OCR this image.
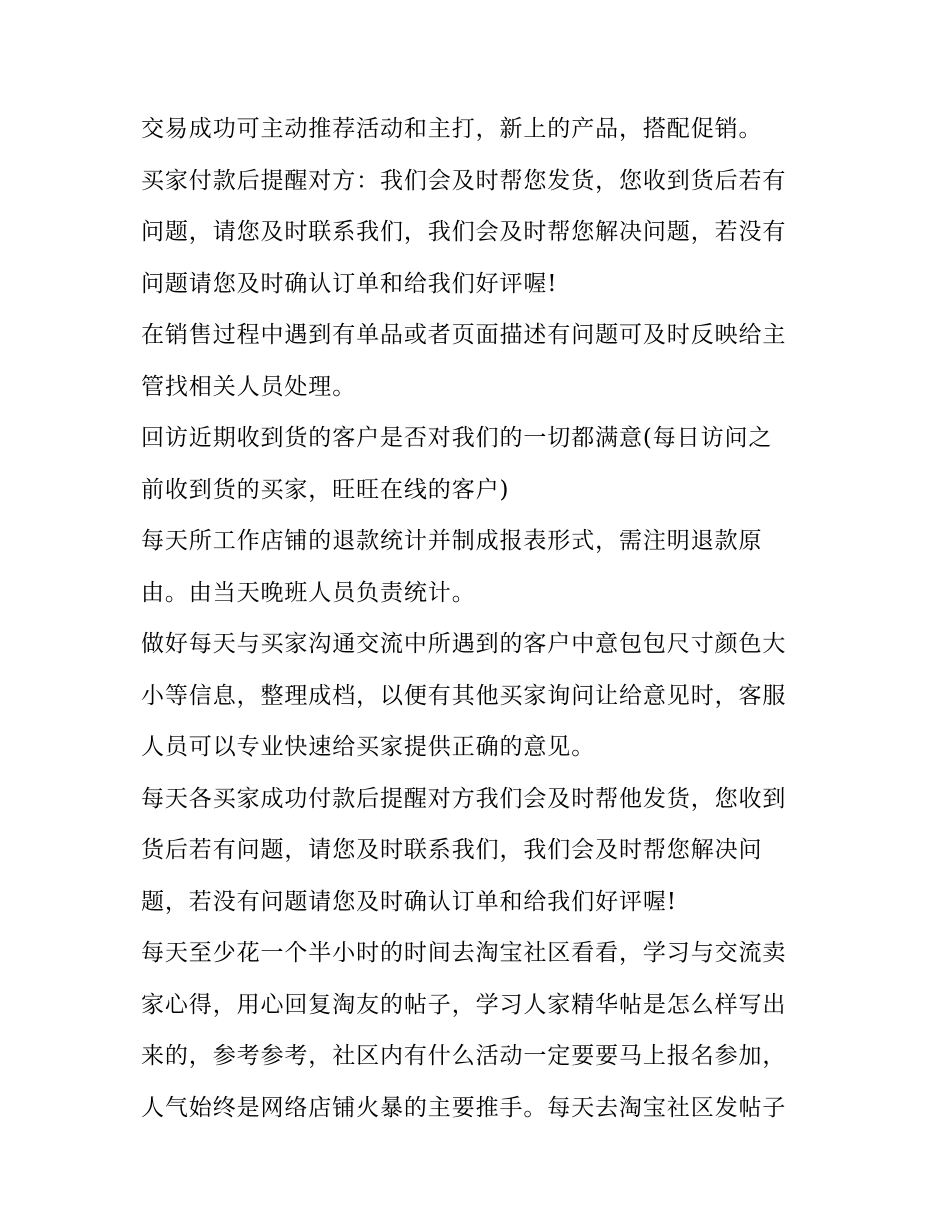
交易成功可主动推荐活动和主打，新上的产品，搭配促销。

买家付款后提醒对方：我们会及时帮您发货，您收到货后若有
问题，请您及时联系我们，我们会及时帮您解决问题，若没有
问题请您及时确认订单和给我们好评喔!

在销售过程中遇到有单品或者页面描述有问题可及时反映给主
管找相关人员处理。

回访近期收到货的客户是否对我们的一切都满意(每日访问之
前收到货的买家，旺旺在线的客户)

每天所工作店铺的退款统计并制成报表形式，需注明退款原
由。由当天晚班人员负责统计。

做好每天与买家沟通交流中所遇到的客户中意包包尺寸颜色大
小等信息，整理成档，以便有其他买家询问让给意见时，客服
人员可以专业快速给买家提供正确的意见。

每天各买家成功付款后提醒对方我们会及时帮他发货，您收到
货后若有问题，请您及时联系我们，我们会及时帮您解决问
题，若没有问题请您及时确认订单和给我们好评喔!

每天至少花一个半小时的时间去淘宝社区看看，学习与交流卖
家心得，用心回复淘友的帖子，学习人家精华帖是怎么样写出
来的，参考参考，社区内有什么活动一定要要马上报名参加，
人气始终是网络店铺火暴的主要推手。每天去淘宝社区发帖子
